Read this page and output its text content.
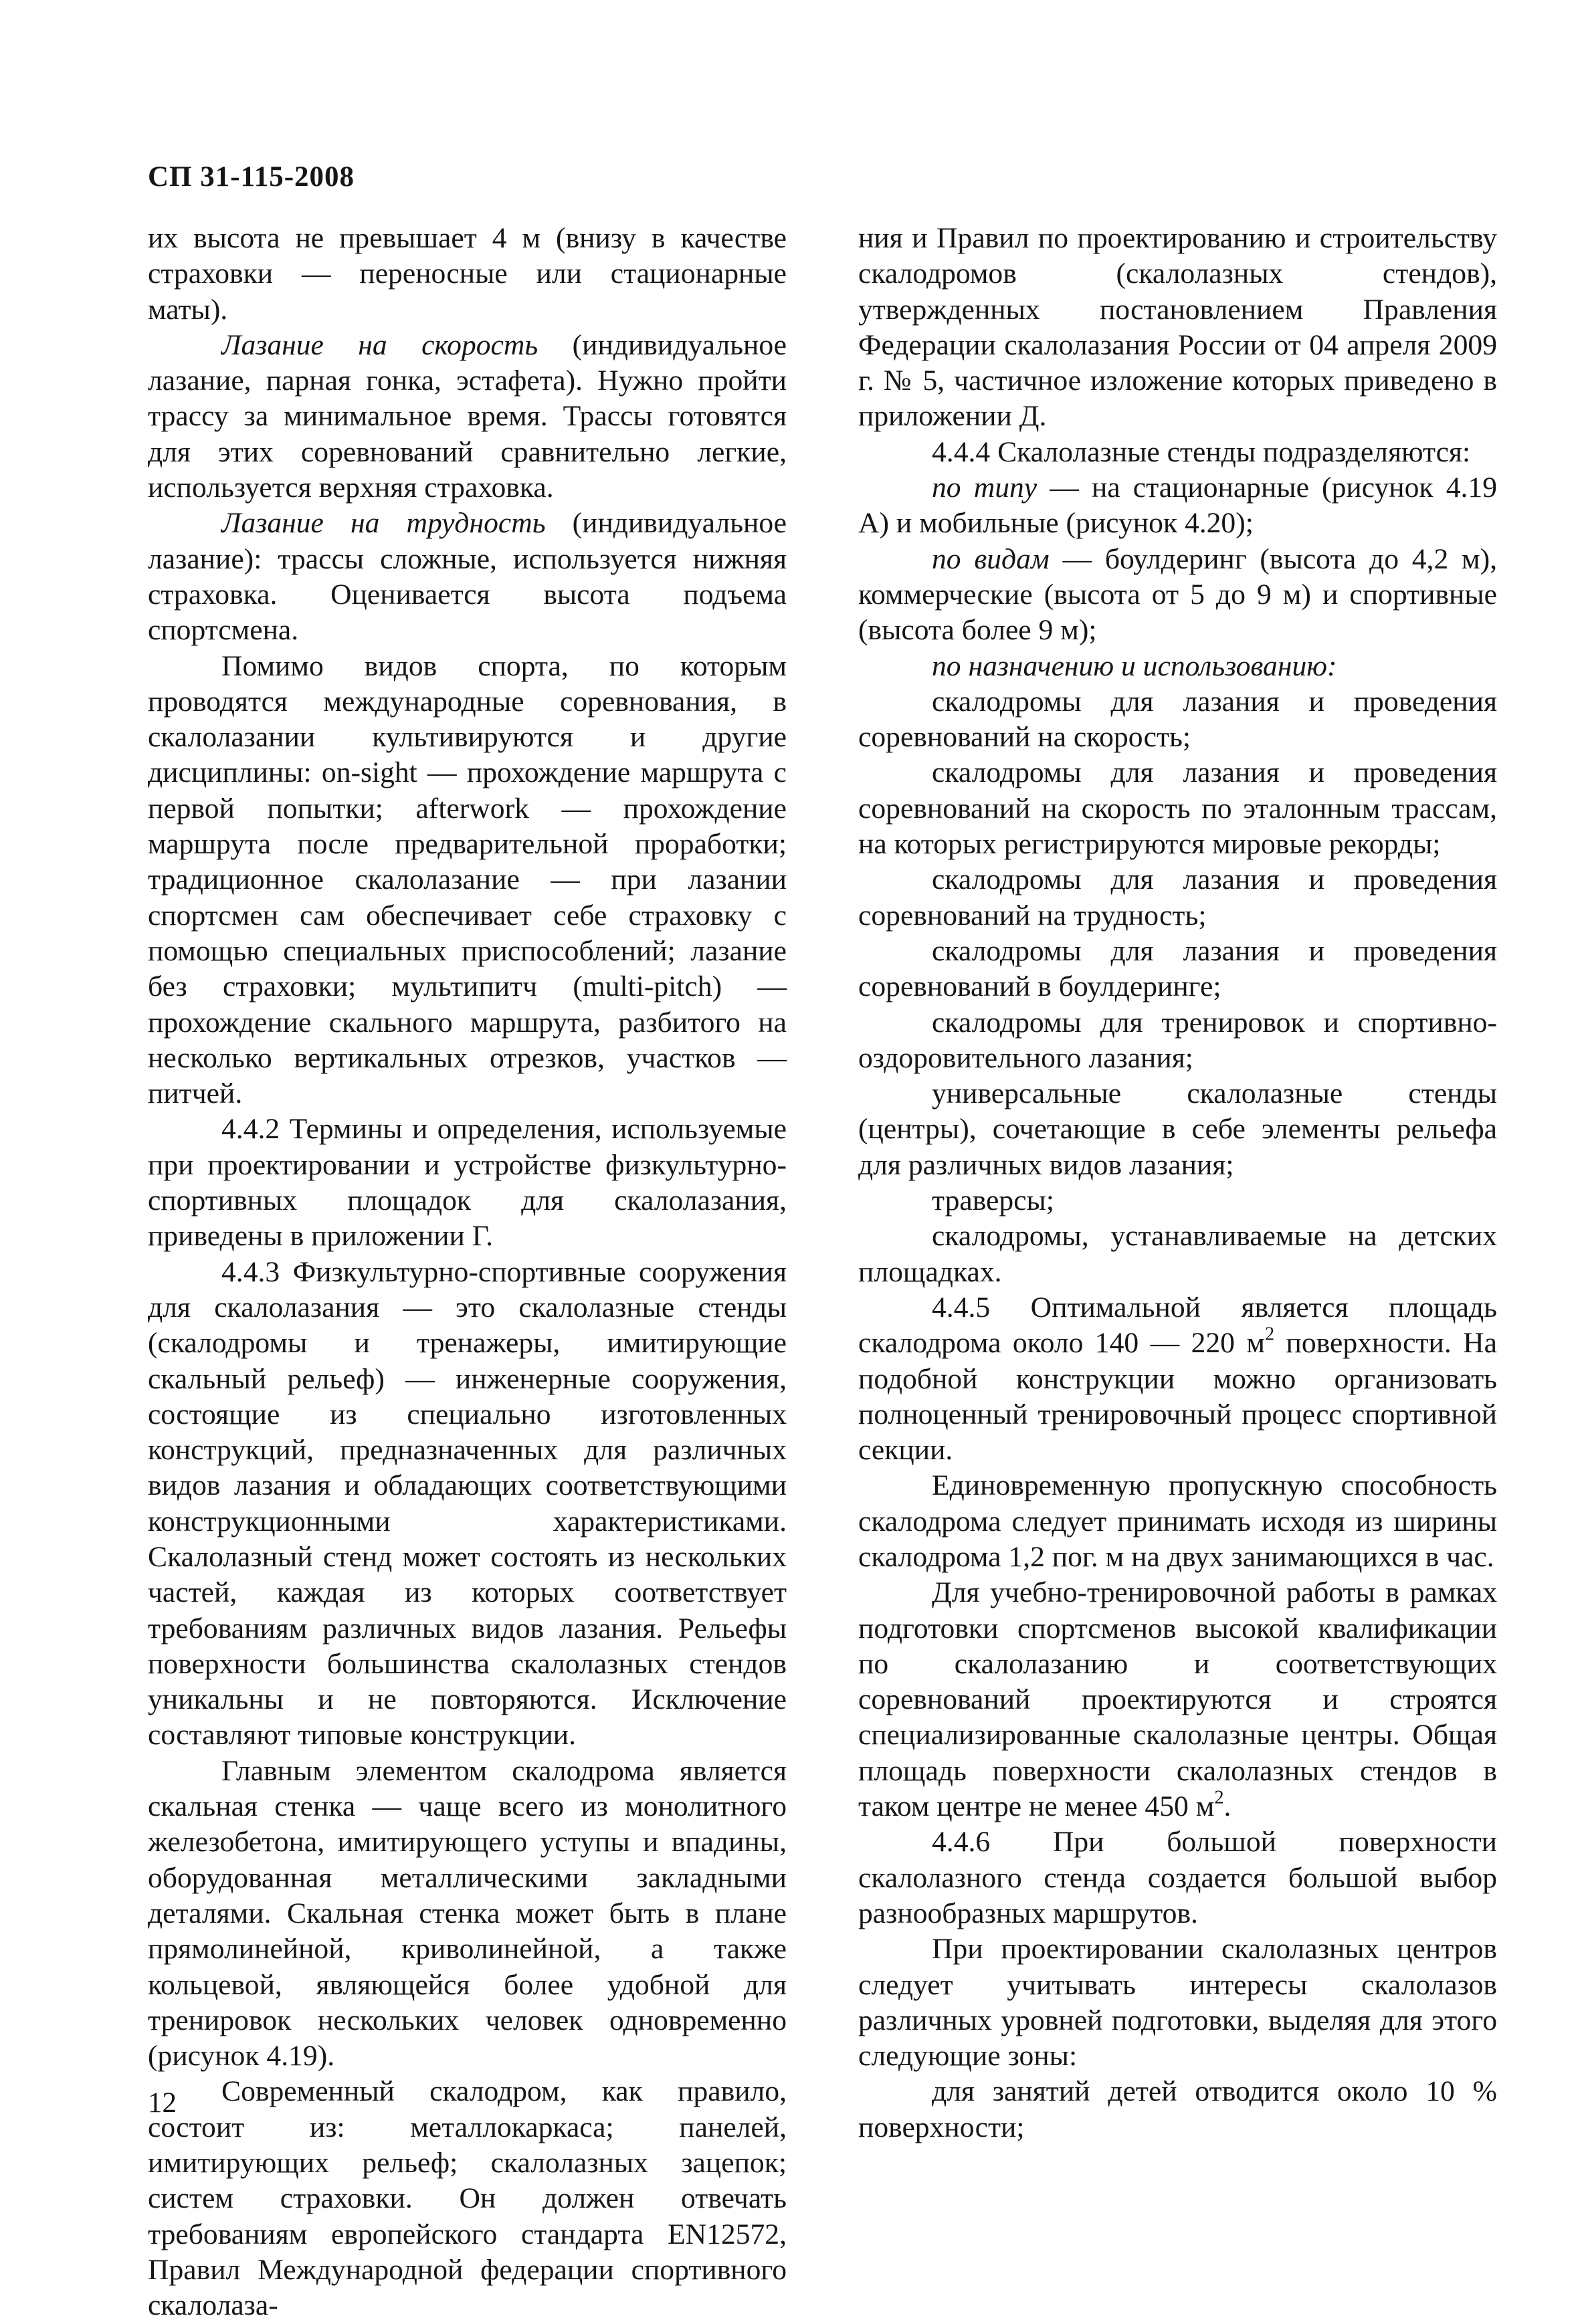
СП 31-115-2008

их высота не превышает 4 м (внизу в качестве страховки — переносные или стационарные маты).

Лазание на скорость (индивидуальное лазание, парная гонка, эстафета). Нужно пройти трассу за минимальное время. Трассы готовятся для этих соревнований сравнительно легкие, используется верхняя страховка.

Лазание на трудность (индивидуальное лазание): трассы сложные, используется нижняя страховка. Оценивается высота подъема спортсмена.

Помимо видов спорта, по которым проводятся международные соревнования, в скалолазании культивируются и другие дисциплины: on-sight — прохождение маршрута с первой попытки; afterwork — прохождение маршрута после предварительной проработки; традиционное скалолазание — при лазании спортсмен сам обеспечивает себе страховку с помощью специальных приспособлений; лазание без страховки; мультипитч (multi-pitch) — прохождение скального маршрута, разбитого на несколько вертикальных отрезков, участков — питчей.

4.4.2 Термины и определения, используемые при проектировании и устройстве физкультурно-спортивных площадок для скалолазания, приведены в приложении Г.

4.4.3 Физкультурно-спортивные сооружения для скалолазания — это скалолазные стенды (скалодромы и тренажеры, имитирующие скальный рельеф) — инженерные сооружения, состоящие из специально изготовленных конструкций, предназначенных для различных видов лазания и обладающих соответствующими конструкционными характеристиками. Скалолазный стенд может состоять из нескольких частей, каждая из которых соответствует требованиям различных видов лазания. Рельефы поверхности большинства скалолазных стендов уникальны и не повторяются. Исключение составляют типовые конструкции.

Главным элементом скалодрома является скальная стенка — чаще всего из монолитного железобетона, имитирующего уступы и впадины, оборудованная металлическими закладными деталями. Скальная стенка может быть в плане прямолинейной, криволинейной, а также кольцевой, являющейся более удобной для тренировок нескольких человек одновременно (рисунок 4.19).

Современный скалодром, как правило, состоит из: металлокаркаса; панелей, имитирующих рельеф; скалолазных зацепок; систем страховки. Он должен отвечать требованиям европейского стандарта EN12572, Правил Международной федерации спортивного скалолаза-

ния и Правил по проектированию и строительству скалодромов (скалолазных стендов), утвержденных постановлением Правления Федерации скалолазания России от 04 апреля 2009 г. № 5, частичное изложение которых приведено в приложении Д.

4.4.4 Скалолазные стенды подразделяются:

по типу — на стационарные (рисунок 4.19 А) и мобильные (рисунок 4.20);

по видам — боулдеринг (высота до 4,2 м), коммерческие (высота от 5 до 9 м) и спортивные (высота более 9 м);

по назначению и использованию:

скалодромы для лазания и проведения соревнований на скорость;

скалодромы для лазания и проведения соревнований на скорость по эталонным трассам, на которых регистрируются мировые рекорды;

скалодромы для лазания и проведения соревнований на трудность;

скалодромы для лазания и проведения соревнований в боулдеринге;

скалодромы для тренировок и спортивно-оздоровительного лазания;

универсальные скалолазные стенды (центры), сочетающие в себе элементы рельефа для различных видов лазания;

траверсы;

скалодромы, устанавливаемые на детских площадках.

4.4.5 Оптимальной является площадь скалодрома около 140 — 220 $м^2$ поверхности. На подобной конструкции можно организовать полноценный тренировочный процесс спортивной секции.

Единовременную пропускную способность скалодрома следует принимать исходя из ширины скалодрома 1,2 пог. м на двух занимающихся в час.

Для учебно-тренировочной работы в рамках подготовки спортсменов высокой квалификации по скалолазанию и соответствующих соревнований проектируются и строятся специализированные скалолазные центры. Общая площадь поверхности скалолазных стендов в таком центре не менее 450 $м^2$.

4.4.6 При большой поверхности скалолазного стенда создается большой выбор разнообразных маршрутов.

При проектировании скалолазных центров следует учитывать интересы скалолазов различных уровней подготовки, выделяя для этого следующие зоны:

для занятий детей отводится около 10 % поверхности;

12
